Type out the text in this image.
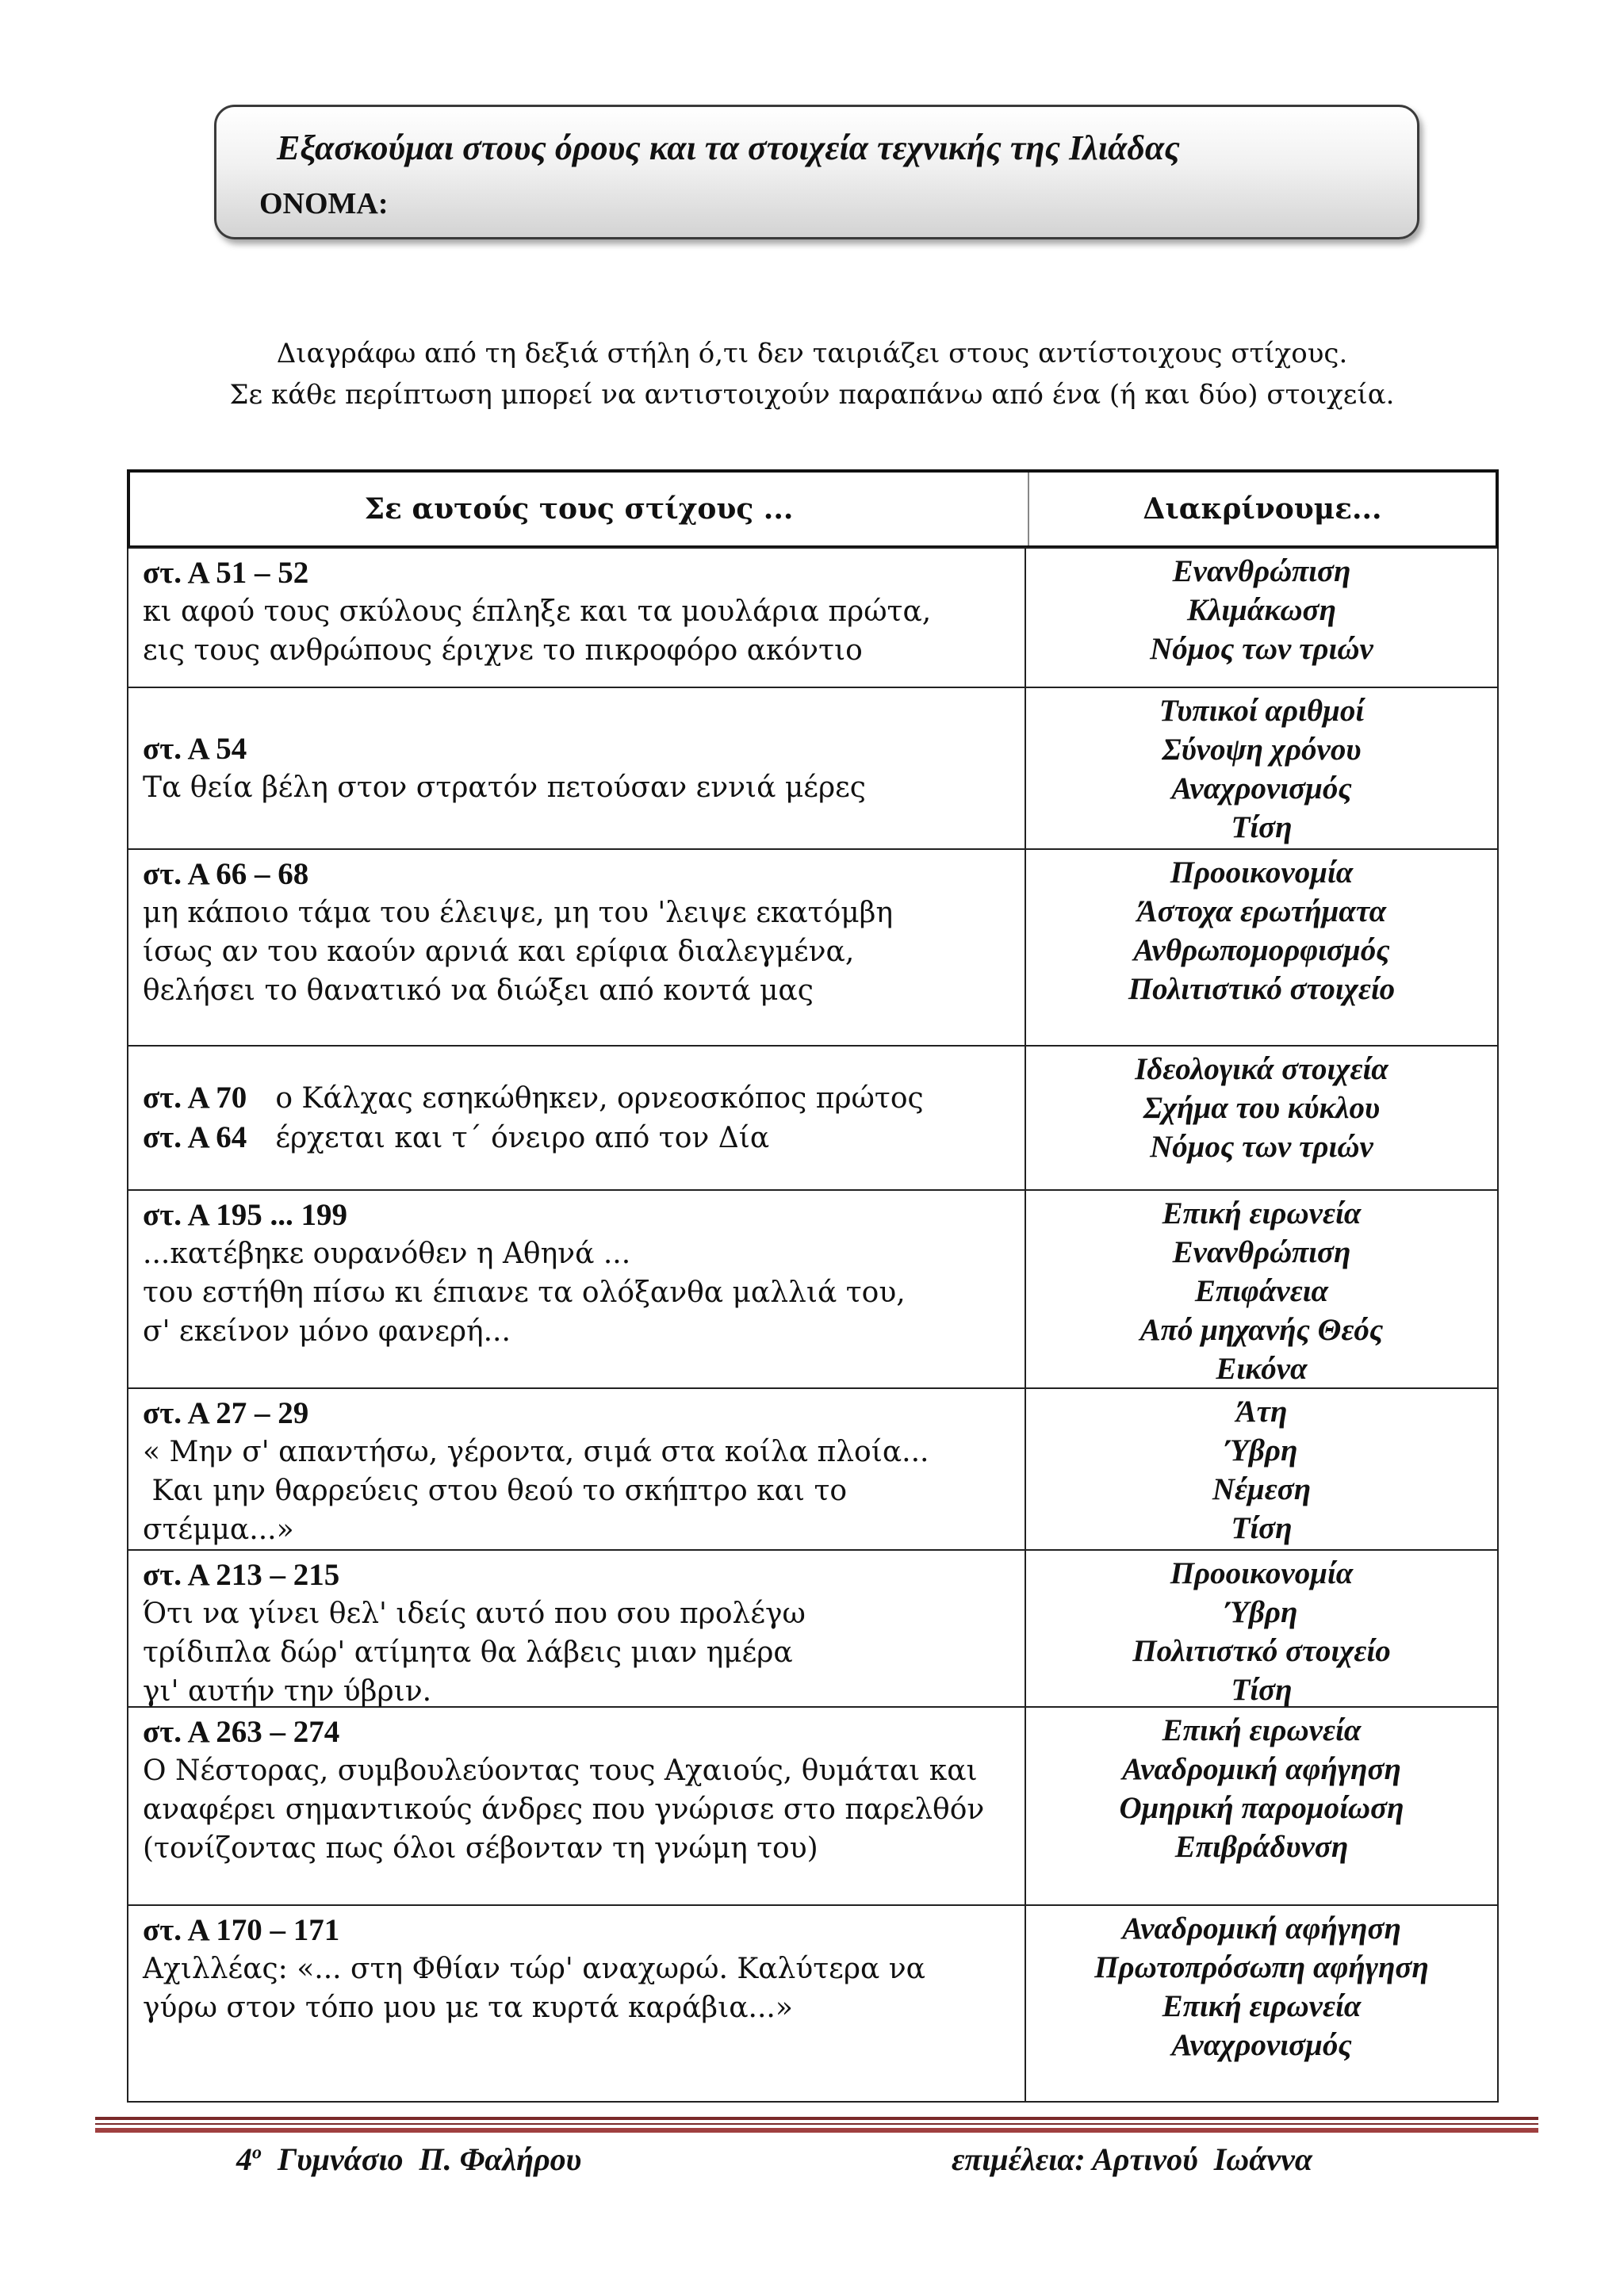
Εξασκούμαι στους όρους και τα στοιχεία τεχνικής της Ιλιάδας
ΟΝΟΜΑ:
Διαγράφω από τη δεξιά στήλη ό,τι δεν ταιριάζει στους αντίστοιχους στίχους.
Σε κάθε περίπτωση μπορεί να αντιστοιχούν παραπάνω από ένα (ή και δύο) στοιχεία.
Σε αυτούς τους στίχους ...	Διακρίνουμε...
στ. Α 51 – 52
κι αφού τους σκύλους έπληξε και τα μουλάρια πρώτα,
εις τους ανθρώπους έριχνε το πικροφόρο ακόντιο
Ενανθρώπιση
Κλιμάκωση
Νόμος των τριών
στ. Α 54
Τα θεία βέλη στον στρατόν πετούσαν εννιά μέρες
Τυπικοί αριθμοί
Σύνοψη χρόνου
Αναχρονισμός
Τίση
στ. Α 66 – 68
μη κάποιο τάμα του έλειψε, μη του 'λειψε εκατόμβη
ίσως αν του καούν αρνιά και ερίφια διαλεγμένα,
θελήσει το θανατικό να διώξει από κοντά μας
Προοικονομία
Άστοχα ερωτήματα
Ανθρωπομορφισμός
Πολιτιστικό στοιχείο
στ. Α 70 ο Κάλχας εσηκώθηκεν, ορνεοσκόπος πρώτος
στ. Α 64 έρχεται και τ΄ όνειρο από τον Δία
Ιδεολογικά στοιχεία
Σχήμα του κύκλου
Νόμος των τριών
στ. Α 195 ... 199
...κατέβηκε ουρανόθεν η Αθηνά ...
του εστήθη πίσω κι έπιανε τα ολόξανθα μαλλιά του,
σ' εκείνον μόνο φανερή...
Επική ειρωνεία
Ενανθρώπιση
Επιφάνεια
Από μηχανής Θεός
Εικόνα
στ. Α 27 – 29
« Μην σ' απαντήσω, γέροντα, σιμά στα κοίλα πλοία...
Και μην θαρρεύεις στου θεού το σκήπτρο και το
στέμμα...»
Άτη
Ύβρη
Νέμεση
Τίση
στ. Α 213 – 215
Ότι να γίνει θελ' ιδείς αυτό που σου προλέγω
τρίδιπλα δώρ' ατίμητα θα λάβεις μιαν ημέρα
γι' αυτήν την ύβριν.
Προοικονομία
Ύβρη
Πολιτιστκό στοιχείο
Τίση
στ. Α 263 – 274
Ο Νέστορας, συμβουλεύοντας τους Αχαιούς, θυμάται και
αναφέρει σημαντικούς άνδρες που γνώρισε στο παρελθόν
(τονίζοντας πως όλοι σέβονταν τη γνώμη του)
Επική ειρωνεία
Αναδρομική αφήγηση
Ομηρική παρομοίωση
Επιβράδυνση
στ. Α 170 – 171
Αχιλλέας: «... στη Φθίαν τώρ' αναχωρώ. Καλύτερα να
γύρω στον τόπο μου με τα κυρτά καράβια...»
Αναδρομική αφήγηση
Πρωτοπρόσωπη αφήγηση
Επική ειρωνεία
Αναχρονισμός
$4^o$  Γυμνάσιο  Π. Φαλήρου	επιμέλεια: Αρτινού  Ιωάννα
